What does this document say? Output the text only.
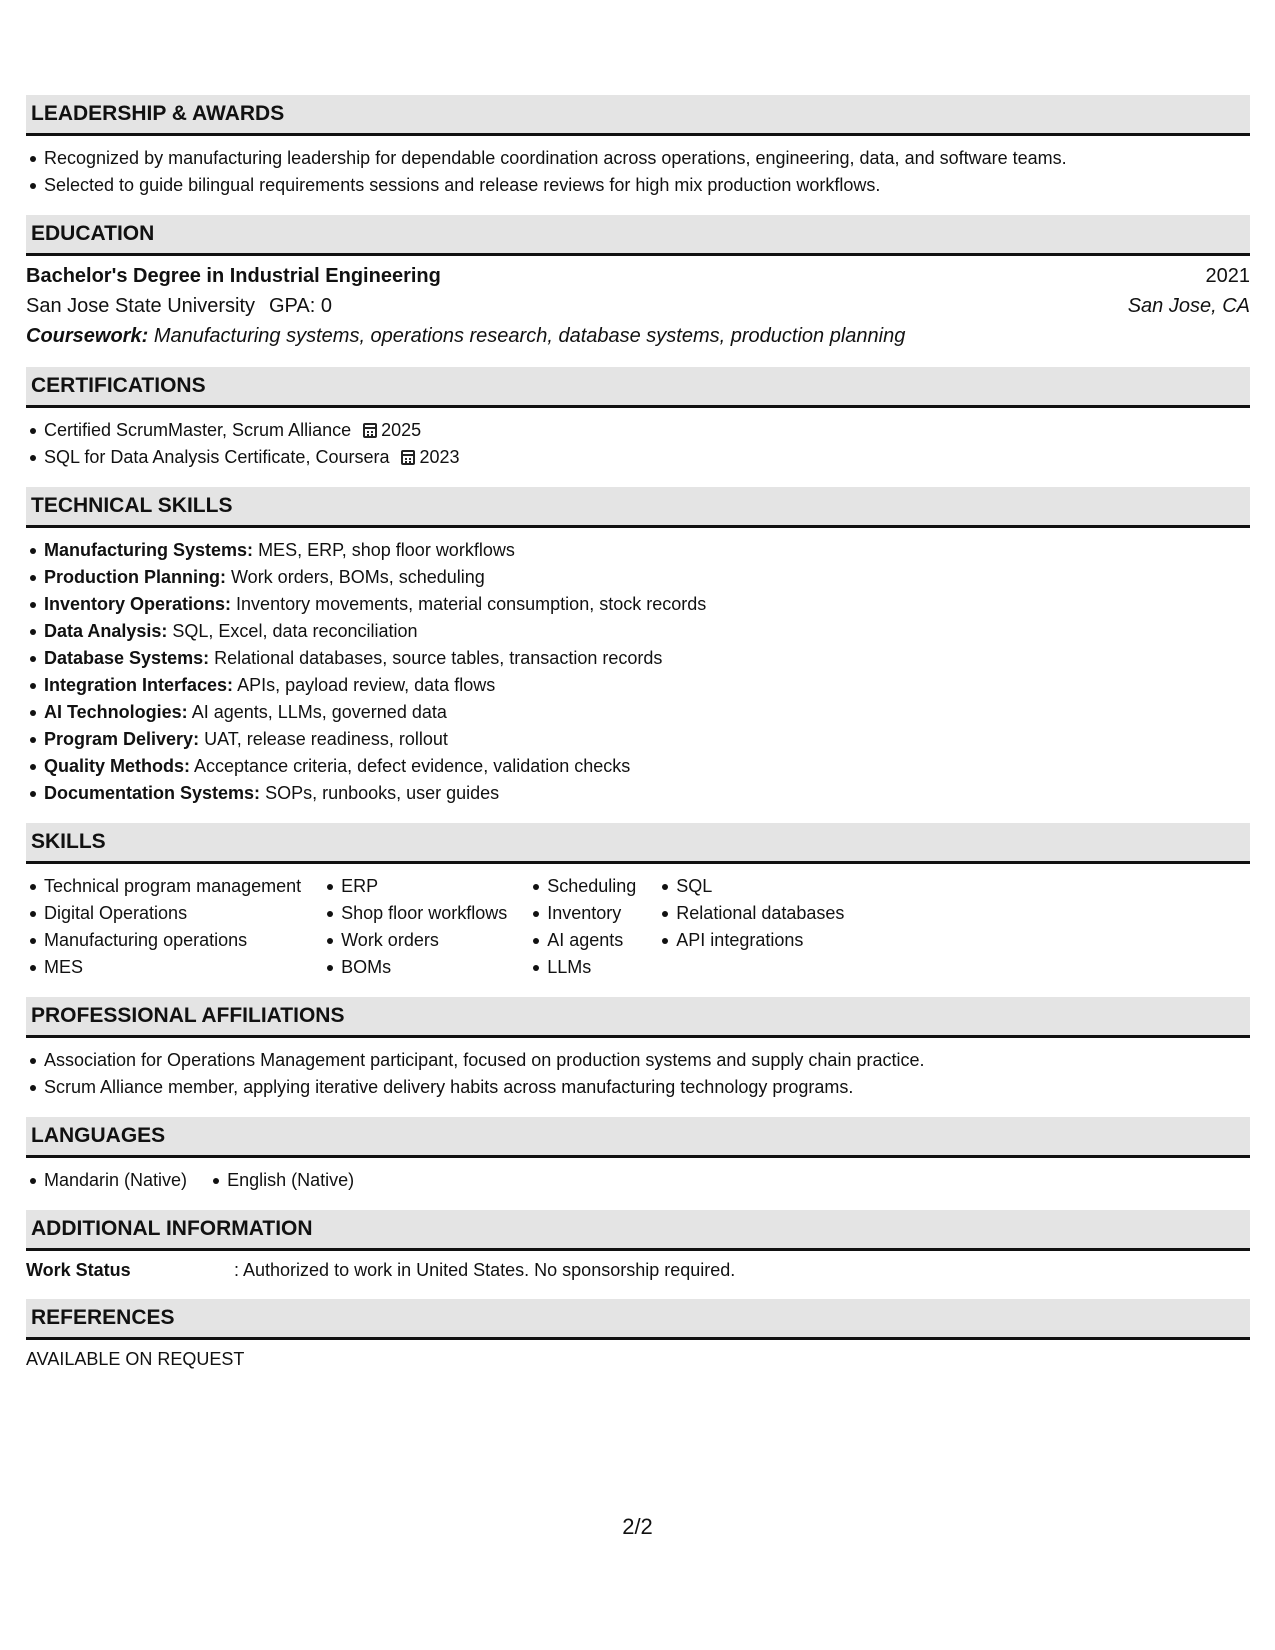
LEADERSHIP & AWARDS
Recognized by manufacturing leadership for dependable coordination across operations, engineering, data, and software teams.
Selected to guide bilingual requirements sessions and release reviews for high mix production workflows.
EDUCATION
Bachelor's Degree in Industrial Engineering	2021
San Jose State University GPA: 0	San Jose, CA
Coursework: Manufacturing systems, operations research, database systems, production planning
CERTIFICATIONS
Certified ScrumMaster, Scrum Alliance 2025
SQL for Data Analysis Certificate, Coursera 2023
TECHNICAL SKILLS
Manufacturing Systems: MES, ERP, shop floor workflows
Production Planning: Work orders, BOMs, scheduling
Inventory Operations: Inventory movements, material consumption, stock records
Data Analysis: SQL, Excel, data reconciliation
Database Systems: Relational databases, source tables, transaction records
Integration Interfaces: APIs, payload review, data flows
AI Technologies: AI agents, LLMs, governed data
Program Delivery: UAT, release readiness, rollout
Quality Methods: Acceptance criteria, defect evidence, validation checks
Documentation Systems: SOPs, runbooks, user guides
SKILLS
Technical program management
Digital Operations
Manufacturing operations
MES
ERP
Shop floor workflows
Work orders
BOMs
Scheduling
Inventory
AI agents
LLMs
SQL
Relational databases
API integrations
PROFESSIONAL AFFILIATIONS
Association for Operations Management participant, focused on production systems and supply chain practice.
Scrum Alliance member, applying iterative delivery habits across manufacturing technology programs.
LANGUAGES
Mandarin (Native) English (Native)
ADDITIONAL INFORMATION
Work Status	: Authorized to work in United States. No sponsorship required.
REFERENCES
AVAILABLE ON REQUEST
2/2
